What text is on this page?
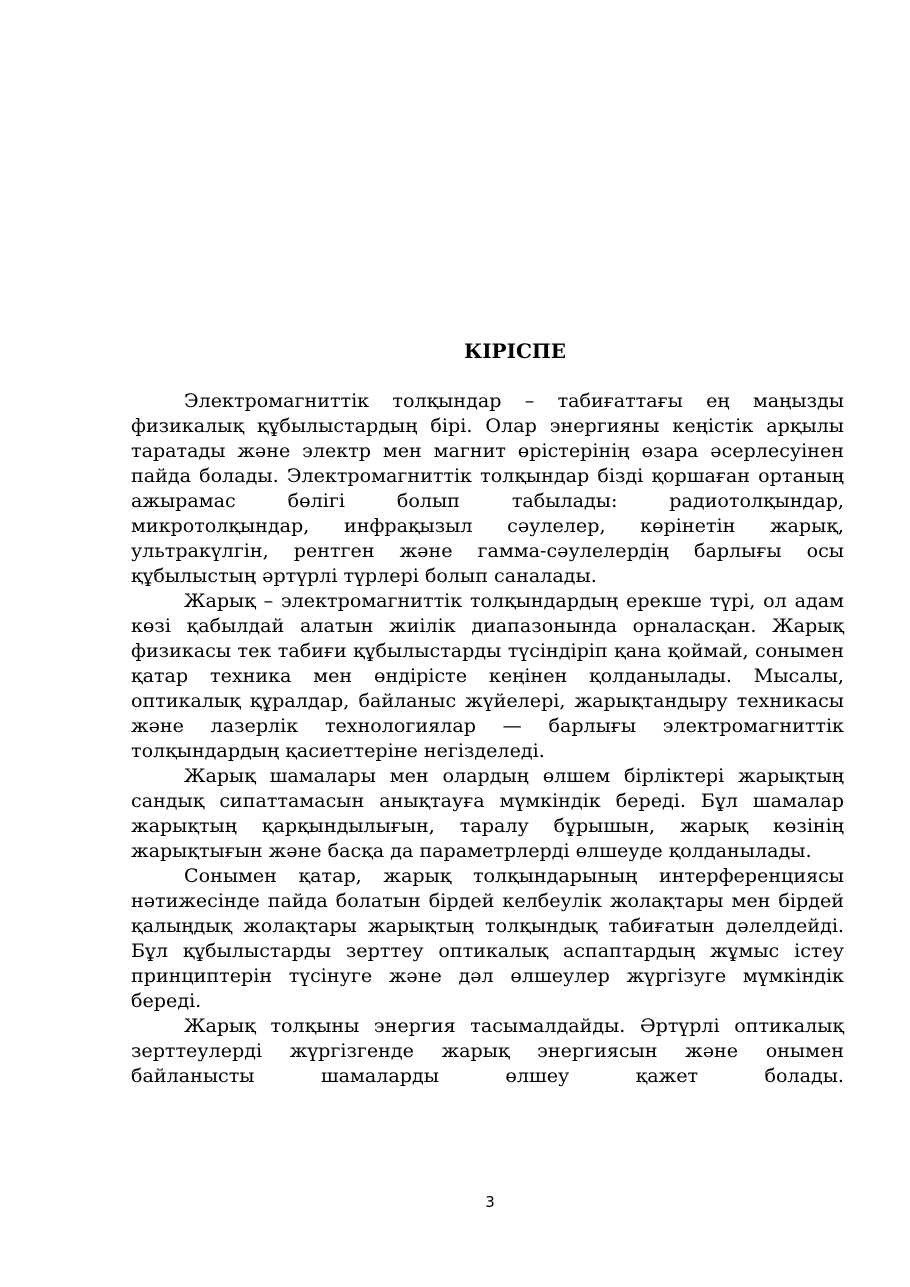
КІРІСПЕ

Электромагниттік толқындар – табиғаттағы ең маңызды физикалық құбылыстардың бірі. Олар энергияны кеңістік арқылы таратады және электр мен магнит өрістерінің өзара әсерлесуінен пайда болады. Электромагниттік толқындар бізді қоршаған ортаның ажырамас бөлігі болып табылады: радиотолқындар, микротолқындар, инфрақызыл сәулелер, көрінетін жарық, ультракүлгін, рентген және гамма-сәулелердің барлығы осы құбылыстың әртүрлі түрлері болып саналады.

Жарық – электромагниттік толқындардың ерекше түрі, ол адам көзі қабылдай алатын жиілік диапазонында орналасқан. Жарық физикасы тек табиғи құбылыстарды түсіндіріп қана қоймай, сонымен қатар техника мен өндірісте кеңінен қолданылады. Мысалы, оптикалық құралдар, байланыс жүйелері, жарықтандыру техникасы және лазерлік технологиялар — барлығы электромагниттік толқындардың қасиеттеріне негізделеді.

Жарық шамалары мен олардың өлшем бірліктері жарықтың сандық сипаттамасын анықтауға мүмкіндік береді. Бұл шамалар жарықтың қарқындылығын, таралу бұрышын, жарық көзінің жарықтығын және басқа да параметрлерді өлшеуде қолданылады.

Сонымен қатар, жарық толқындарының интерференциясы нәтижесінде пайда болатын бірдей келбеулік жолақтары мен бірдей қалыңдық жолақтары жарықтың толқындық табиғатын дәлелдейді. Бұл құбылыстарды зерттеу оптикалық аспаптардың жұмыс істеу принциптерін түсінуге және дәл өлшеулер жүргізуге мүмкіндік береді.

Жарық толқыны энергия тасымалдайды. Әртүрлі оптикалық зерттеулерді жүргізгенде жарық энергиясын және онымен байланысты шамаларды өлшеу қажет болады.

3
